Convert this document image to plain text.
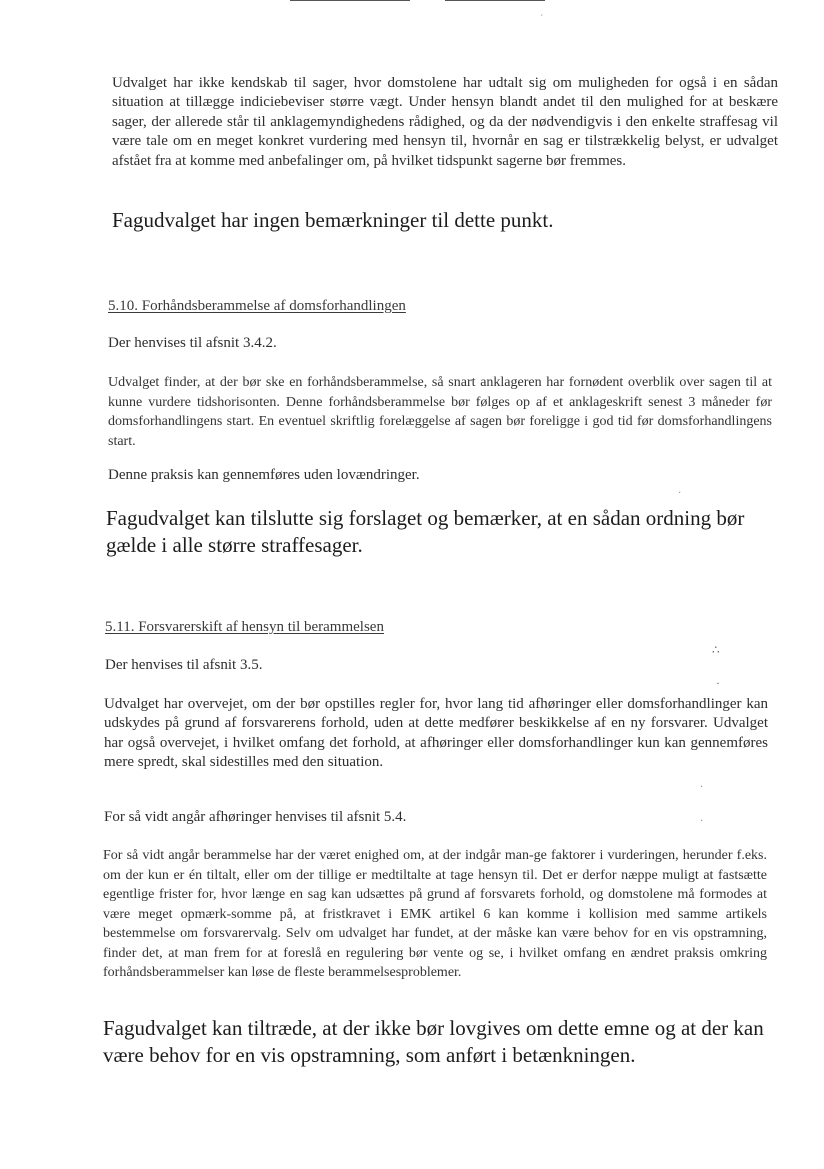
Udvalget har ikke kendskab til sager, hvor domstolene har udtalt sig om muligheden for også i en sådan situation at tillægge indiciebeviser større vægt. Under hensyn blandt andet til den mulighed for at beskære sager, der allerede står til anklagemyndighedens rådighed, og da der nødvendigvis i den enkelte straffesag vil være tale om en meget konkret vurdering med hensyn til, hvornår en sag er tilstrækkelig belyst, er udvalget afstået fra at komme med anbefalinger om, på hvilket tidspunkt sagerne bør fremmes.

Fagudvalget har ingen bemærkninger til dette punkt.

5.10. Forhåndsberammelse af domsforhandlingen

Der henvises til afsnit 3.4.2.

Udvalget finder, at der bør ske en forhåndsberammelse, så snart anklageren har fornødent overblik over sagen til at kunne vurdere tidshorisonten. Denne forhåndsberammelse bør følges op af et anklageskrift senest 3 måneder før domsforhandlingens start. En eventuel skriftlig forelæggelse af sagen bør foreligge i god tid før domsforhandlingens start.

Denne praksis kan gennemføres uden lovændringer.

Fagudvalget kan tilslutte sig forslaget og bemærker, at en sådan ordning bør gælde i alle større straffesager.

5.11. Forsvarerskift af hensyn til berammelsen

Der henvises til afsnit 3.5.

Udvalget har overvejet, om der bør opstilles regler for, hvor lang tid afhøringer eller domsforhandlinger kan udskydes på grund af forsvarerens forhold, uden at dette medfører beskikkelse af en ny forsvarer. Udvalget har også overvejet, i hvilket omfang det forhold, at afhøringer eller domsforhandlinger kun kan gennemføres mere spredt, skal sidestilles med den situation.

For så vidt angår afhøringer henvises til afsnit 5.4.

For så vidt angår berammelse har der været enighed om, at der indgår man-ge faktorer i vurderingen, herunder f.eks. om der kun er én tiltalt, eller om der tillige er medtiltalte at tage hensyn til. Det er derfor næppe muligt at fastsætte egentlige frister for, hvor længe en sag kan udsættes på grund af forsvarets forhold, og domstolene må formodes at være meget opmærk-somme på, at fristkravet i EMK artikel 6 kan komme i kollision med samme artikels bestemmelse om forsvarervalg. Selv om udvalget har fundet, at der måske kan være behov for en vis opstramning, finder det, at man frem for at foreslå en regulering bør vente og se, i hvilket omfang en ændret praksis omkring forhåndsberammelser kan løse de fleste berammelsesproblemer.

Fagudvalget kan tiltræde, at der ikke bør lovgives om dette emne og at der kan være behov for en vis opstramning, som anført i betænkningen.

ˊ
·
∴
·
·
·
